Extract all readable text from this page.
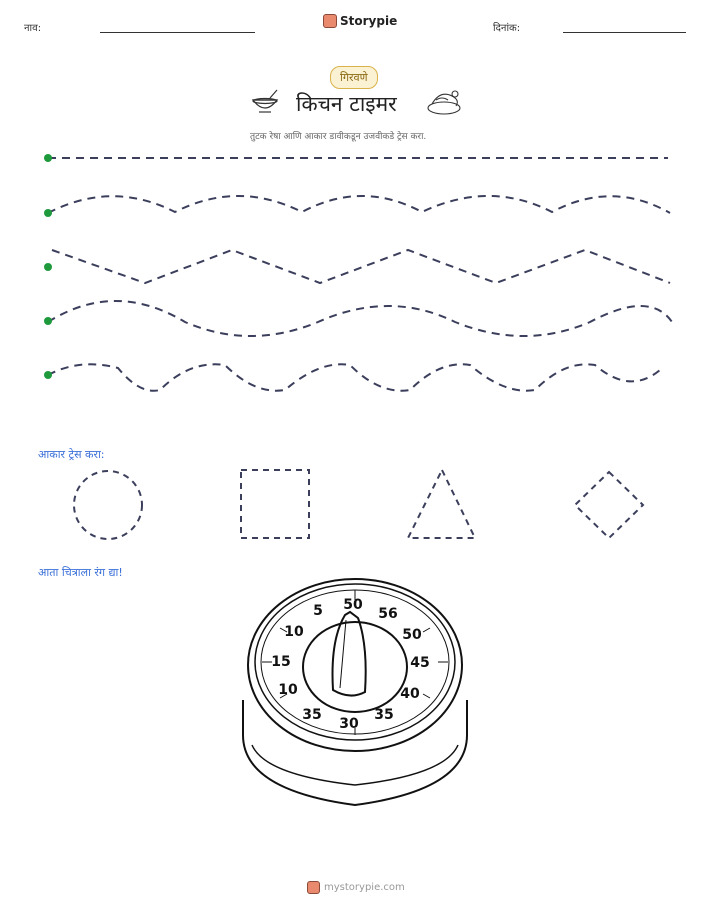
नाव:
Storypie
दिनांक:
गिरवणे
50
56
50
45
40
35
30
35
10
15
10
5
किचन टाइमर
तुटक रेषा आणि आकार डावीकडून उजवीकडे ट्रेस करा.
आकार ट्रेस करा:
आता चित्राला रंग द्या!
mystorypie.com
